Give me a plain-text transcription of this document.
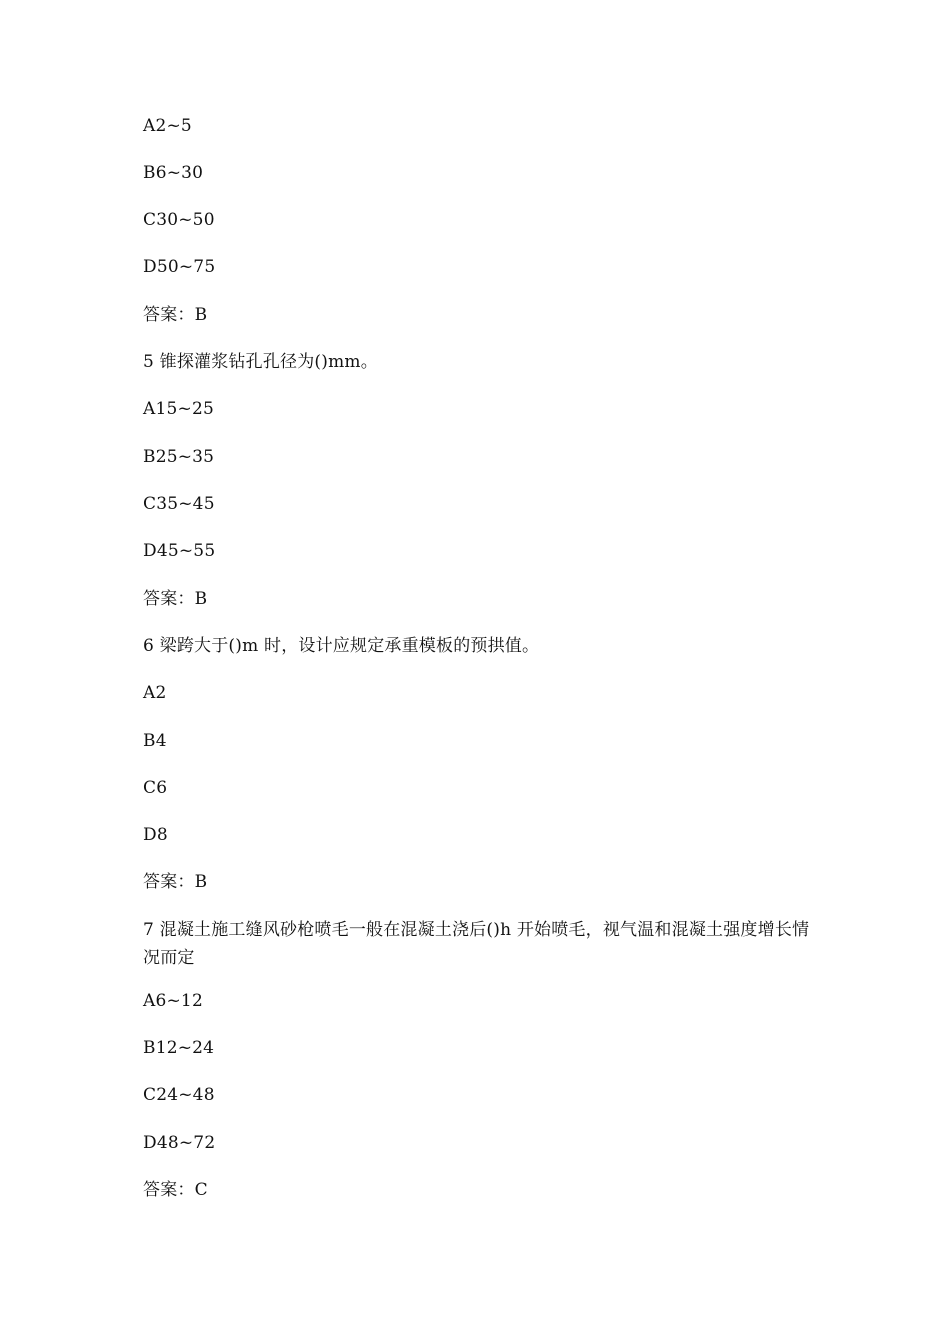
A2~5
B6~30
C30~50
D50~75
答案：B
5 锥探灌浆钻孔孔径为()mm。
A15~25
B25~35
C35~45
D45~55
答案：B
6 梁跨大于()m 时，设计应规定承重模板的预拱值。
A2
B4
C6
D8
答案：B
7 混凝土施工缝风砂枪喷毛一般在混凝土浇后()h 开始喷毛，视气温和混凝土强度增长情况而定
A6~12
B12~24
C24~48
D48~72
答案：C
